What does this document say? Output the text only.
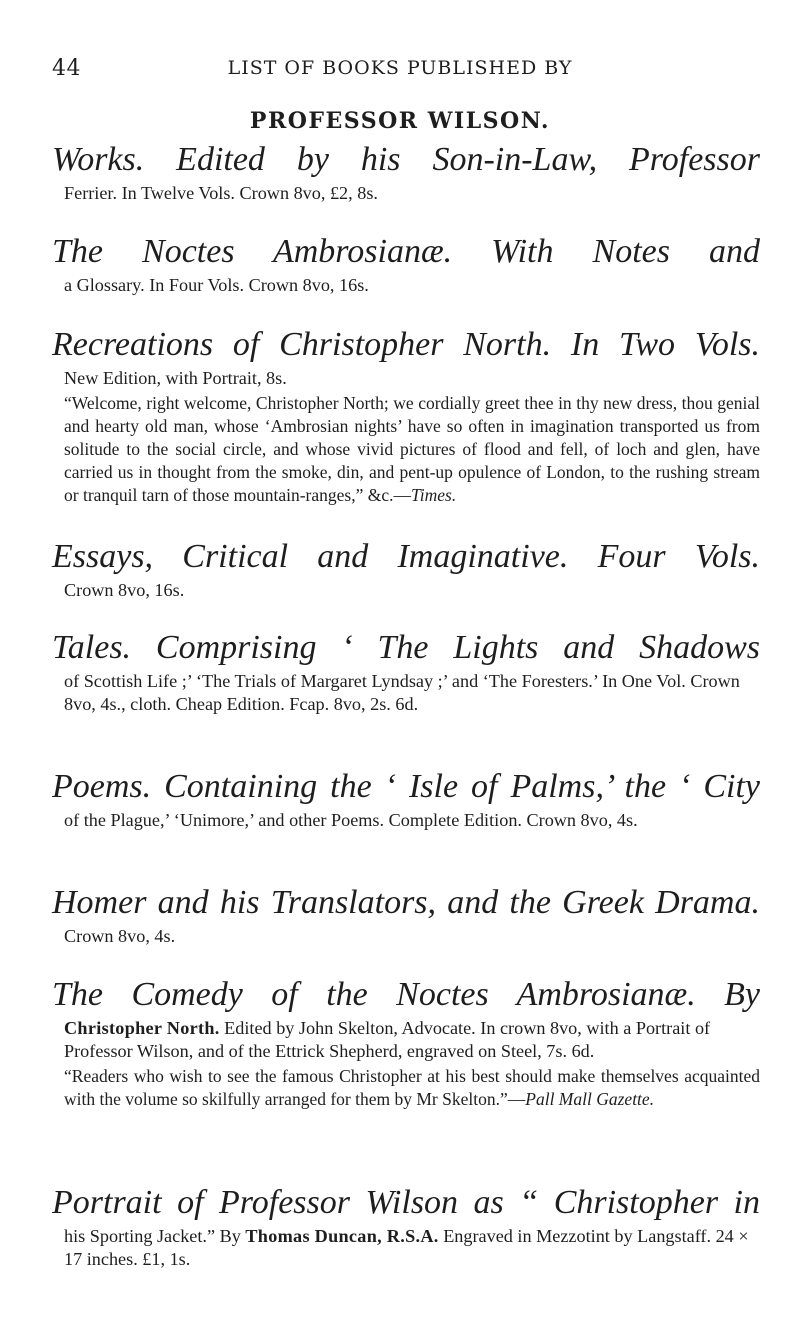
44	LIST OF BOOKS PUBLISHED BY
PROFESSOR WILSON.
Works. Edited by his Son-in-Law, Professor
Ferrier. In Twelve Vols. Crown 8vo, £2, 8s.
The Noctes Ambrosianæ. With Notes and
a Glossary. In Four Vols. Crown 8vo, 16s.
Recreations of Christopher North. In Two Vols.
New Edition, with Portrait, 8s.
“ Welcome, right welcome, Christopher North; we cordially greet thee in thy new dress, thou genial and hearty old man, whose ‘Ambrosian nights’ have so often in imagination transported us from solitude to the social circle, and whose vivid pictures of flood and fell, of loch and glen, have carried us in thought from the smoke, din, and pent-up opulence of London, to the rushing stream or tranquil tarn of those mountain-ranges, ” &c.—Times.
Essays, Critical and Imaginative. Four Vols.
Crown 8vo, 16s.
Tales. Comprising ‘ The Lights and Shadows
of Scottish Life ;’ ‘The Trials of Margaret Lyndsay ;’ and ‘The Foresters.’ In One Vol. Crown 8vo, 4s., cloth. Cheap Edition. Fcap. 8vo, 2s. 6d.
Poems. Containing the ‘ Isle of Palms,’ the ‘ City
of the Plague,’ ‘Unimore,’ and other Poems. Complete Edition. Crown 8vo, 4s.
Homer and his Translators, and the Greek Drama.
Crown 8vo, 4s.
The Comedy of the Noctes Ambrosianæ. By
Christopher North. Edited by John Skelton, Advocate. In crown 8vo, with a Portrait of Professor Wilson, and of the Ettrick Shepherd, engraved on Steel, 7s. 6d.
“ Readers who wish to see the famous Christopher at his best should make themselves acquainted with the volume so skilfully arranged for them by Mr Skelton. ” —Pall Mall Gazette.
Portrait of Professor Wilson as “ Christopher in
his Sporting Jacket.” By Thomas Duncan, R.S.A. Engraved in Mezzotint by Langstaff. 24 × 17 inches. £1, 1s.
